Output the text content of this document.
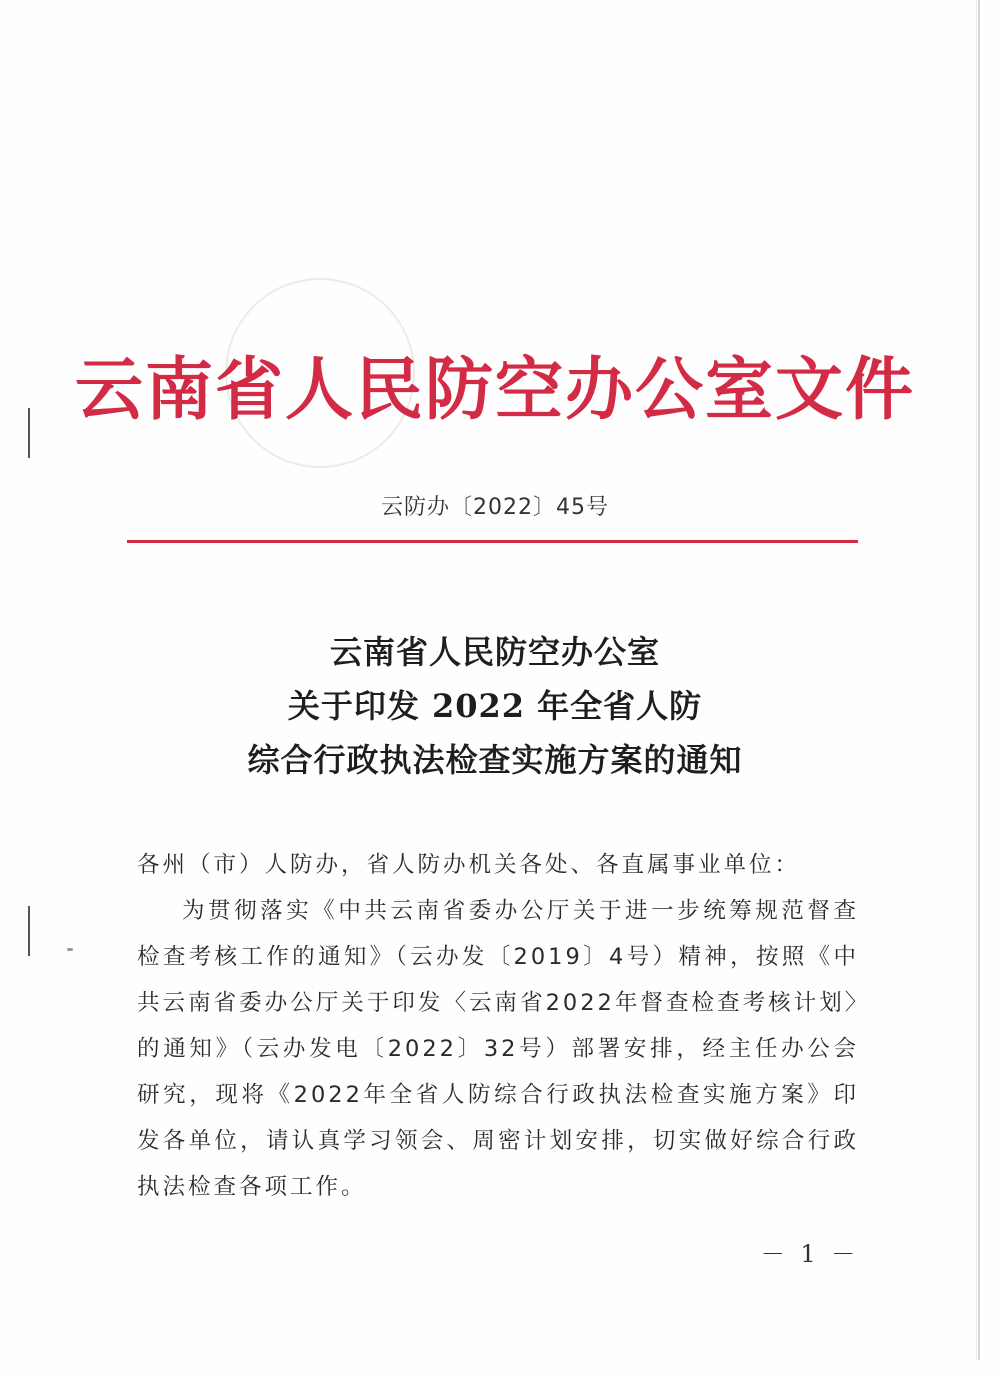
云南省人民防空办公室文件
云防办〔2022〕45号
云南省人民防空办公室
关于印发 2022 年全省人防
综合行政执法检查实施方案的通知

各州（市）人防办，省人防办机关各处、各直属事业单位：

为贯彻落实《中共云南省委办公厅关于进一步统筹规范督查检查考核工作的通知》（云办发〔2019〕4号）精神，按照《中共云南省委办公厅关于印发〈云南省2022年督查检查考核计划〉的通知》（云办发电〔2022〕32号）部署安排，经主任办公会研究，现将《2022年全省人防综合行政执法检查实施方案》印发各单位，请认真学习领会、周密计划安排，切实做好综合行政执法检查各项工作。

－ 1 －
